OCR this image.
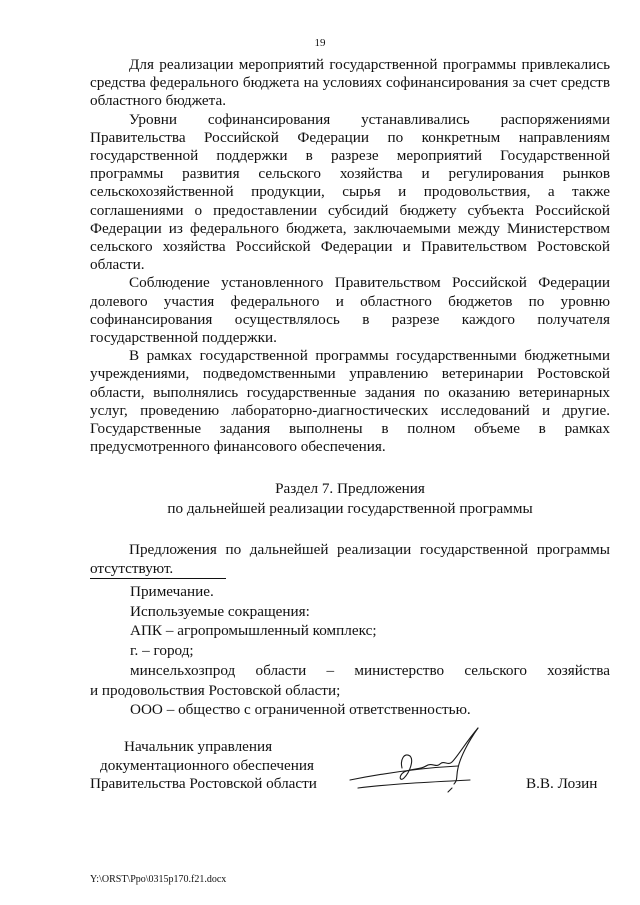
19

Для реализации мероприятий государственной программы привлекались средства федерального бюджета на условиях софинансирования за счет средств областного бюджета.

Уровни софинансирования устанавливались распоряжениями Правительства Российской Федерации по конкретным направлениям государственной поддержки в разрезе мероприятий Государственной программы развития сельского хозяйства и регулирования рынков сельскохозяйственной продукции, сырья и продовольствия, а также соглашениями о предоставлении субсидий бюджету субъекта Российской Федерации из федерального бюджета, заключаемыми между Министерством сельского хозяйства Российской Федерации и Правительством Ростовской области.

Соблюдение установленного Правительством Российской Федерации долевого участия федерального и областного бюджетов по уровню софинансирования осуществлялось в разрезе каждого получателя государственной поддержки.

В рамках государственной программы государственными бюджетными учреждениями, подведомственными управлению ветеринарии Ростовской области, выполнялись государственные задания по оказанию ветеринарных услуг, проведению лабораторно-диагностических исследований и другие. Государственные задания выполнены в полном объеме в рамках предусмотренного финансового обеспечения.

Раздел 7. Предложения
по дальнейшей реализации государственной программы

Предложения по дальнейшей реализации государственной программы отсутствуют.

Примечание.
Используемые сокращения:
АПК – агропромышленный комплекс;
г. – город;
минсельхозпрод области – министерство сельского хозяйства
и продовольствия Ростовской области;
ООО – общество с ограниченной ответственностью.
Начальник управления
документационного обеспечения
Правительства Ростовской области	В.В. Лозин
Y:\ORST\Ppo\0315p170.f21.docx
